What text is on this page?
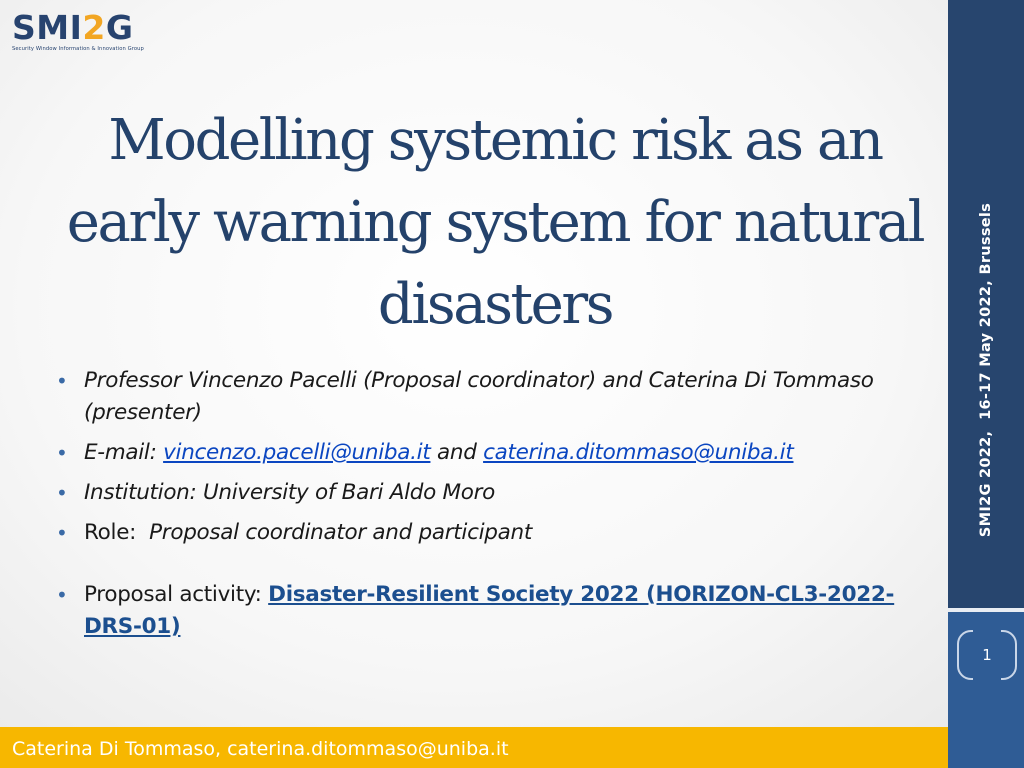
SMI2G
Security Window Information & Innovation Group
Modelling systemic risk as an
early warning system for natural
disasters
• Professor Vincenzo Pacelli (Proposal coordinator) and Caterina Di Tommaso (presenter)
• E-mail: vincenzo.pacelli@uniba.it and caterina.ditommaso@uniba.it
• Institution: University of Bari Aldo Moro
• Role:  Proposal coordinator and participant
• Proposal activity: Disaster-Resilient Society 2022 (HORIZON-CL3-2022-DRS-01)
Caterina Di Tommaso, caterina.ditommaso@uniba.it
SMI2G 2022,  16-17 May 2022, Brussels
1
